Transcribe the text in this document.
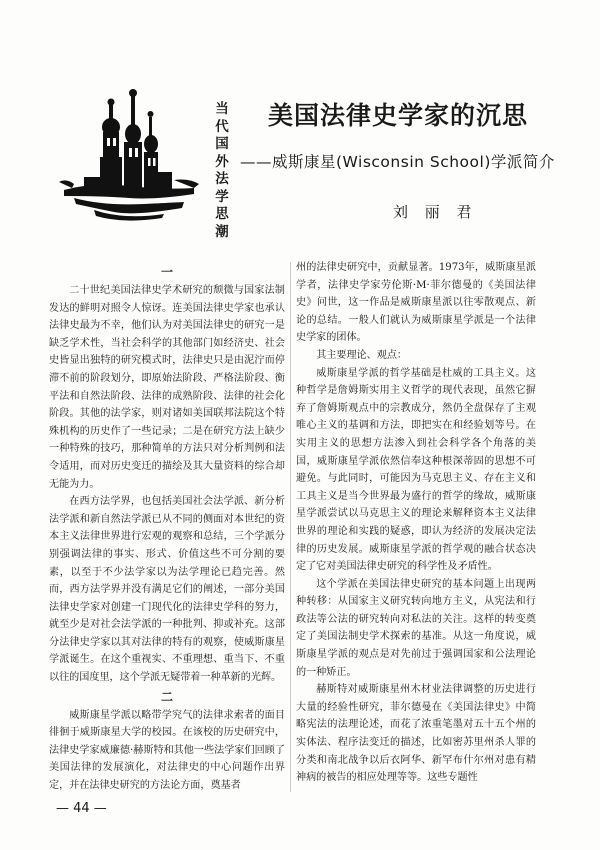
当
代
国
外
法
学
思
潮
美国法律史学家的沉思
——威斯康星(Wisconsin School)学派简介
刘 丽 君

一

二十世纪美国法律史学术研究的颓微与国家法制发达的鲜明对照令人惊讶。连美国法律史学家也承认法律史最为不幸，他们认为对美国法律史的研究一是缺乏学术性，当社会科学的其他部门如经济史、社会史皆显出独特的研究模式时，法律史只是由泥泞而停滞不前的阶段划分，即原始法阶段、严格法阶段、衡平法和自然法阶段、法律的成熟阶段、法律的社会化阶段。其他的法学家，则对诸如美国联邦法院这个特殊机构的历史作了一些记录；二是在研究方法上缺少一种特殊的技巧，那种简单的方法只对分析判例和法令适用，而对历史变迁的描绘及其大量资料的综合却无能为力。

在西方法学界，也包括美国社会法学派、新分析法学派和新自然法学派已从不同的侧面对本世纪的资本主义法律世界进行宏观的观察和总结，三个学派分别强调法律的事实、形式、价值这些不可分割的要素，以至于不少法学家以为法学理论已趋完善。然而，西方法学界并没有满足它们的阐述，一部分美国法律史学家对创建一门现代化的法律史学科的努力，就至少是对社会法学派的一种批判、抑或补充。这部分法律史学家以其对法律的特有的观察，使威斯康星学派诞生。在这个重视实、不重理想、重当下、不重以往的国度里，这个学派无疑带着一种革新的光辉。

二

威斯康星学派以略带学究气的法律求索者的面目徘徊于威斯康星大学的校园。在该校的历史研究中，法律史学家威廉德·赫斯特和其他一些法学家们回顾了美国法律的发展演化，对法律史的中心问题作出界定，并在法律史研究的方法论方面，奠基者

州的法律史研究中，贡献显著。1973年，威斯康星派学者，法律史学家劳伦斯·M·菲尔德曼的《美国法律史》问世，这一作品是威斯康星派以往零散观点、新论的总结。一般人们就认为威斯康星学派是一个法律史学家的团体。

其主要理论、观点：

威斯康星学派的哲学基础是杜威的工具主义。这种哲学是詹姆斯实用主义哲学的现代表现，虽然它摒弃了詹姆斯观点中的宗教成分，然仍全盘保存了主观唯心主义的基调和方法，即把实在和经验划等号。在实用主义的思想方法渗入到社会科学各个角落的美国，威斯康星学派依然信奉这种根深蒂固的思想不可避免。与此同时，可能因为马克思主义、存在主义和工具主义是当今世界最为盛行的哲学的缘故，威斯康星学派尝试以马克思主义的理论来解释资本主义法律世界的理论和实践的疑惑，即认为经济的发展决定法律的历史发展。威斯康星学派的哲学观的融合状态决定了它对美国法律史研究的科学性及矛盾性。

这个学派在美国法律史研究的基本问题上出现两种转移：从国家主义研究转向地方主义，从宪法和行政法等公法的研究转向对私法的关注。这样的转变奠定了美国法制史学术探索的基准。从这一角度说，威斯康星学派的观点是对先前过于强调国家和公法理论的一种矫正。

赫斯特对威斯康星州木材业法律调整的历史进行大量的经验性研究，菲尔德曼在《美国法律史》中简略宪法的法理论述，而花了浓重笔墨对五十五个州的实体法、程序法变迁的描述，比如密苏里州杀人罪的分类和南北战争以后衣阿华、新罕布什尔州对患有精神病的被告的相应处理等等。这些专题性

— 44 —
